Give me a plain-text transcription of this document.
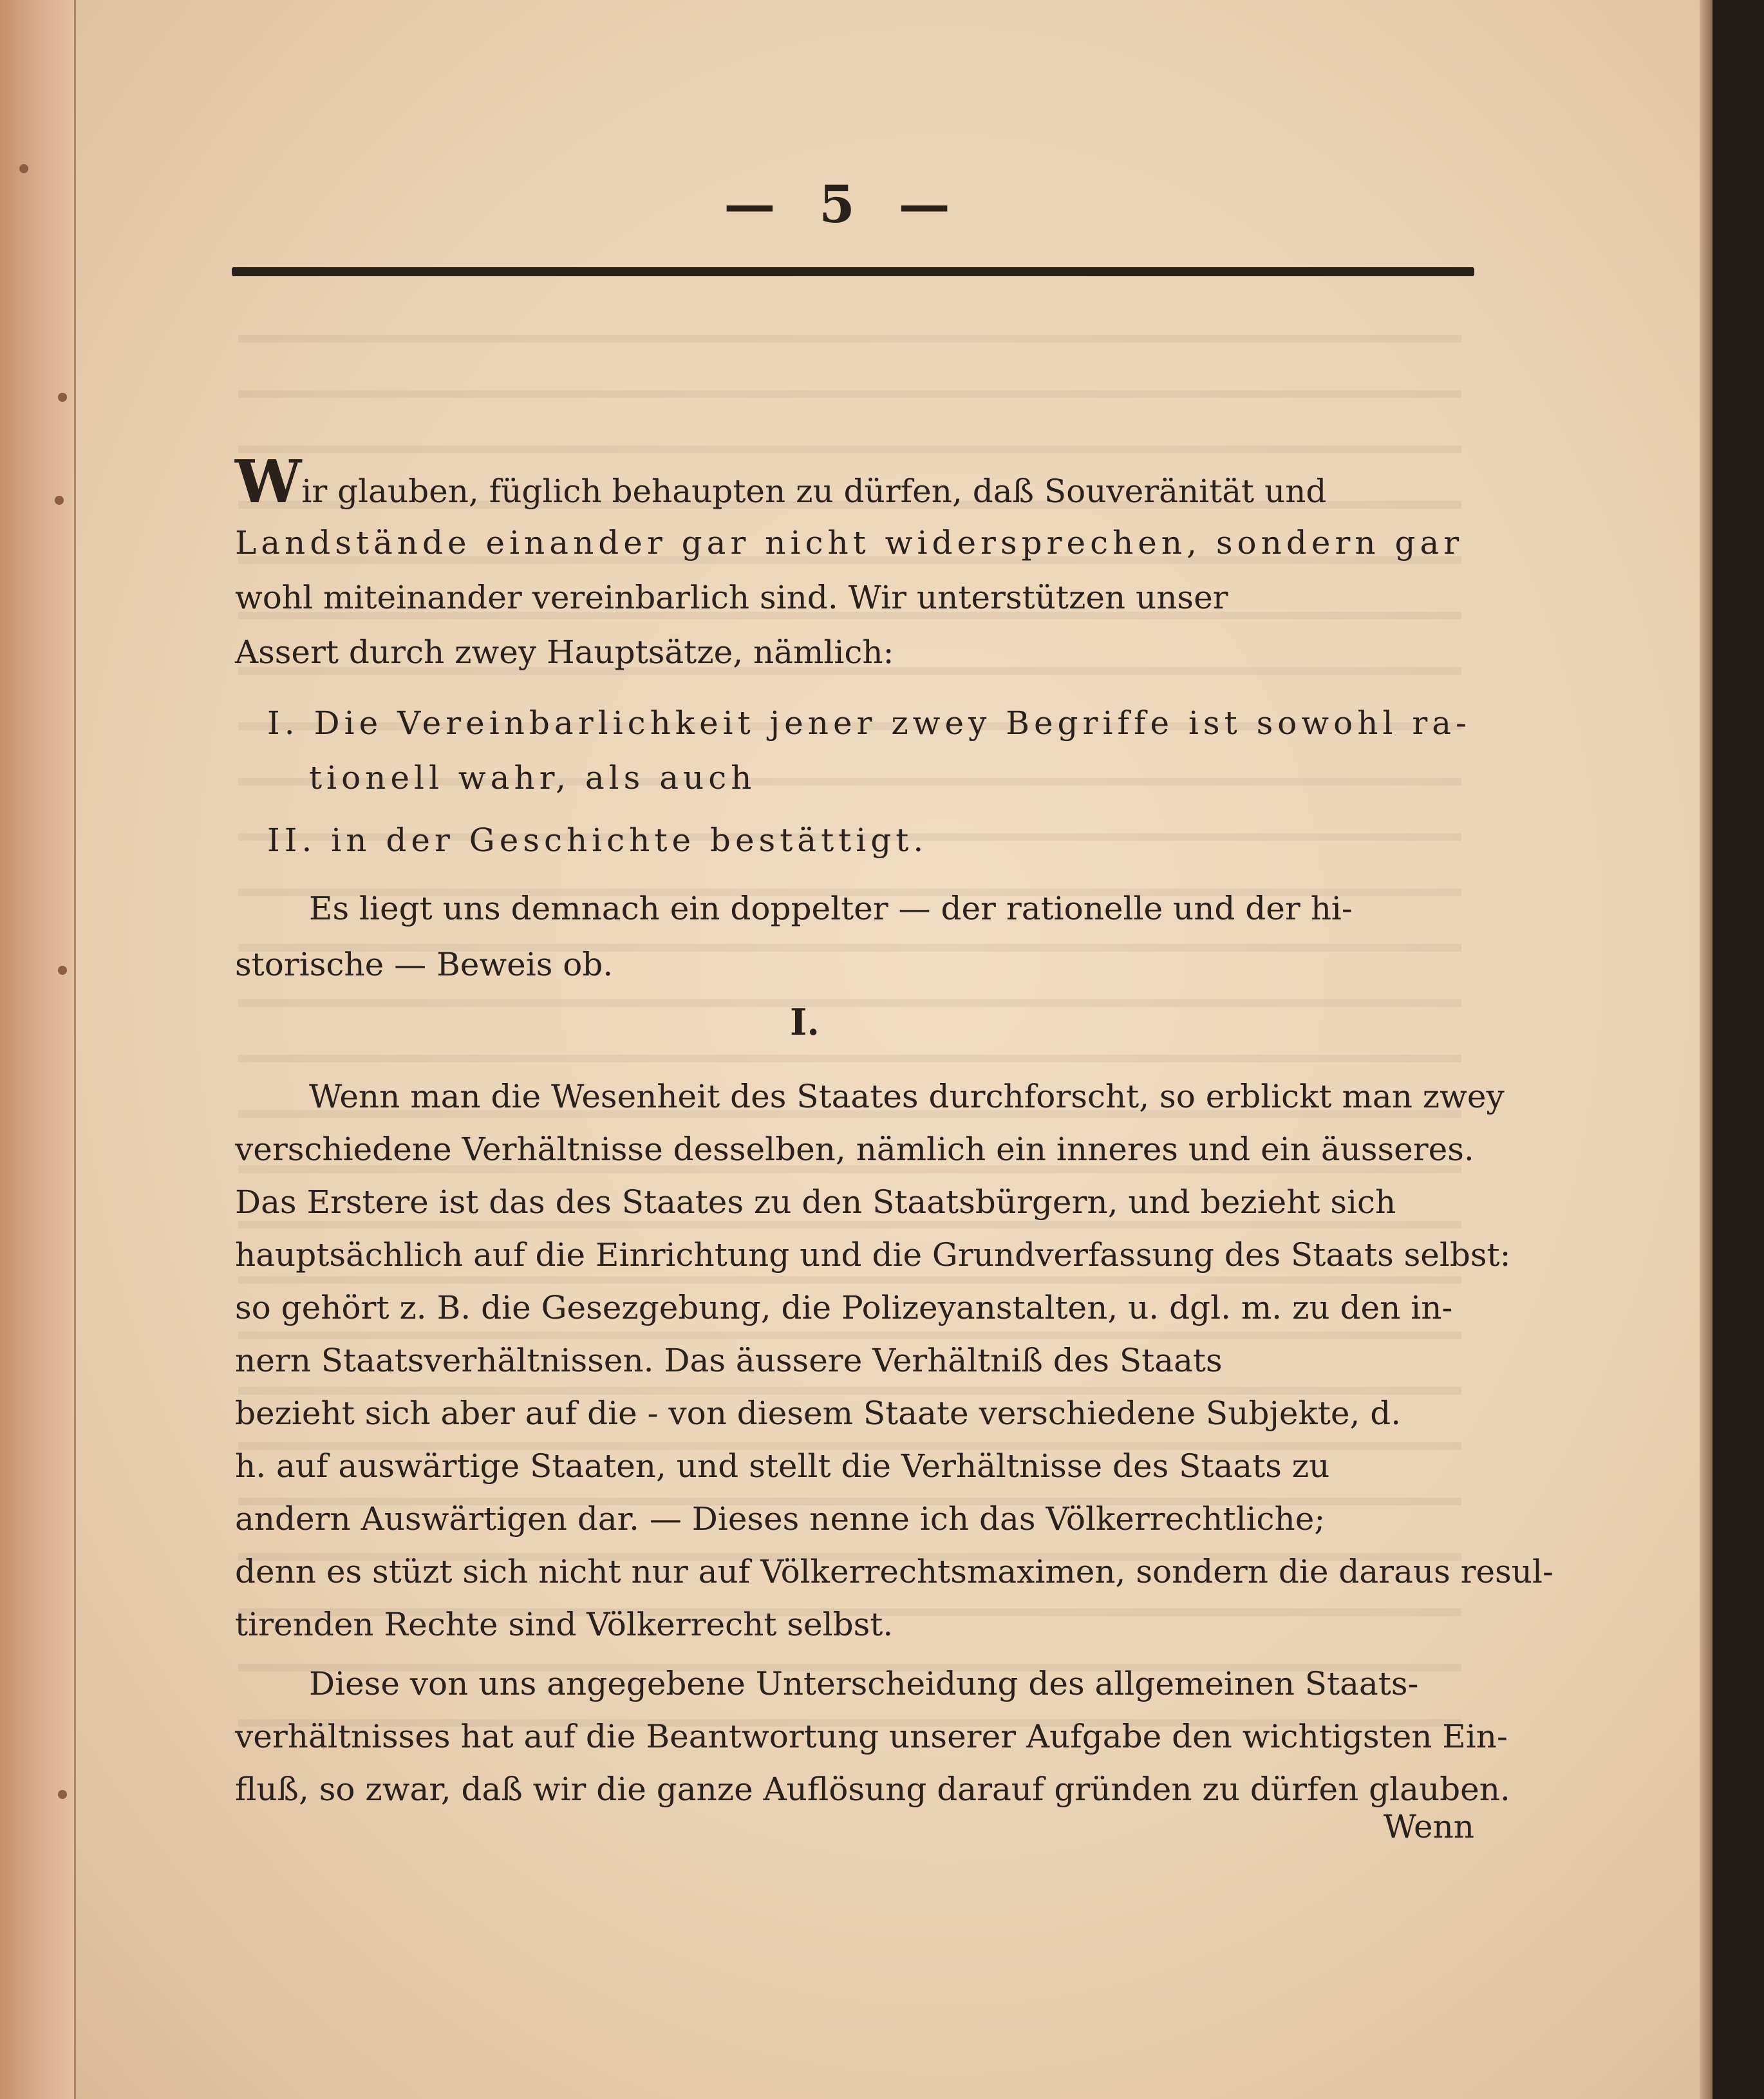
— 5 —
Wir glauben, füglich behaupten zu dürfen, daß Souveränität und
Landstände einander gar nicht widersprechen, sondern gar
wohl miteinander vereinbarlich sind. Wir unterstützen unser
Assert durch zwey Hauptsätze, nämlich:
I. Die Vereinbarlichkeit jener zwey Begriffe ist sowohl ra-
tionell wahr, als auch
II. in der Geschichte bestättigt.
Es liegt uns demnach ein doppelter — der rationelle und der hi-
storische — Beweis ob.
I.
Wenn man die Wesenheit des Staates durchforscht, so erblickt man zwey
verschiedene Verhältnisse desselben, nämlich ein inneres und ein äusseres.
Das Erstere ist das des Staates zu den Staatsbürgern, und bezieht sich
hauptsächlich auf die Einrichtung und die Grundverfassung des Staats selbst:
so gehört z. B. die Gesezgebung, die Polizeyanstalten, u. dgl. m. zu den in-
nern Staatsverhältnissen. Das äussere Verhältniß des Staats
bezieht sich aber auf die - von diesem Staate verschiedene Subjekte, d.
h. auf auswärtige Staaten, und stellt die Verhältnisse des Staats zu
andern Auswärtigen dar. — Dieses nenne ich das Völkerrechtliche;
denn es stüzt sich nicht nur auf Völkerrechtsmaximen, sondern die daraus resul-
tirenden Rechte sind Völkerrecht selbst.
Diese von uns angegebene Unterscheidung des allgemeinen Staats-
verhältnisses hat auf die Beantwortung unserer Aufgabe den wichtigsten Ein-
fluß, so zwar, daß wir die ganze Auflösung darauf gründen zu dürfen glauben.
Wenn
